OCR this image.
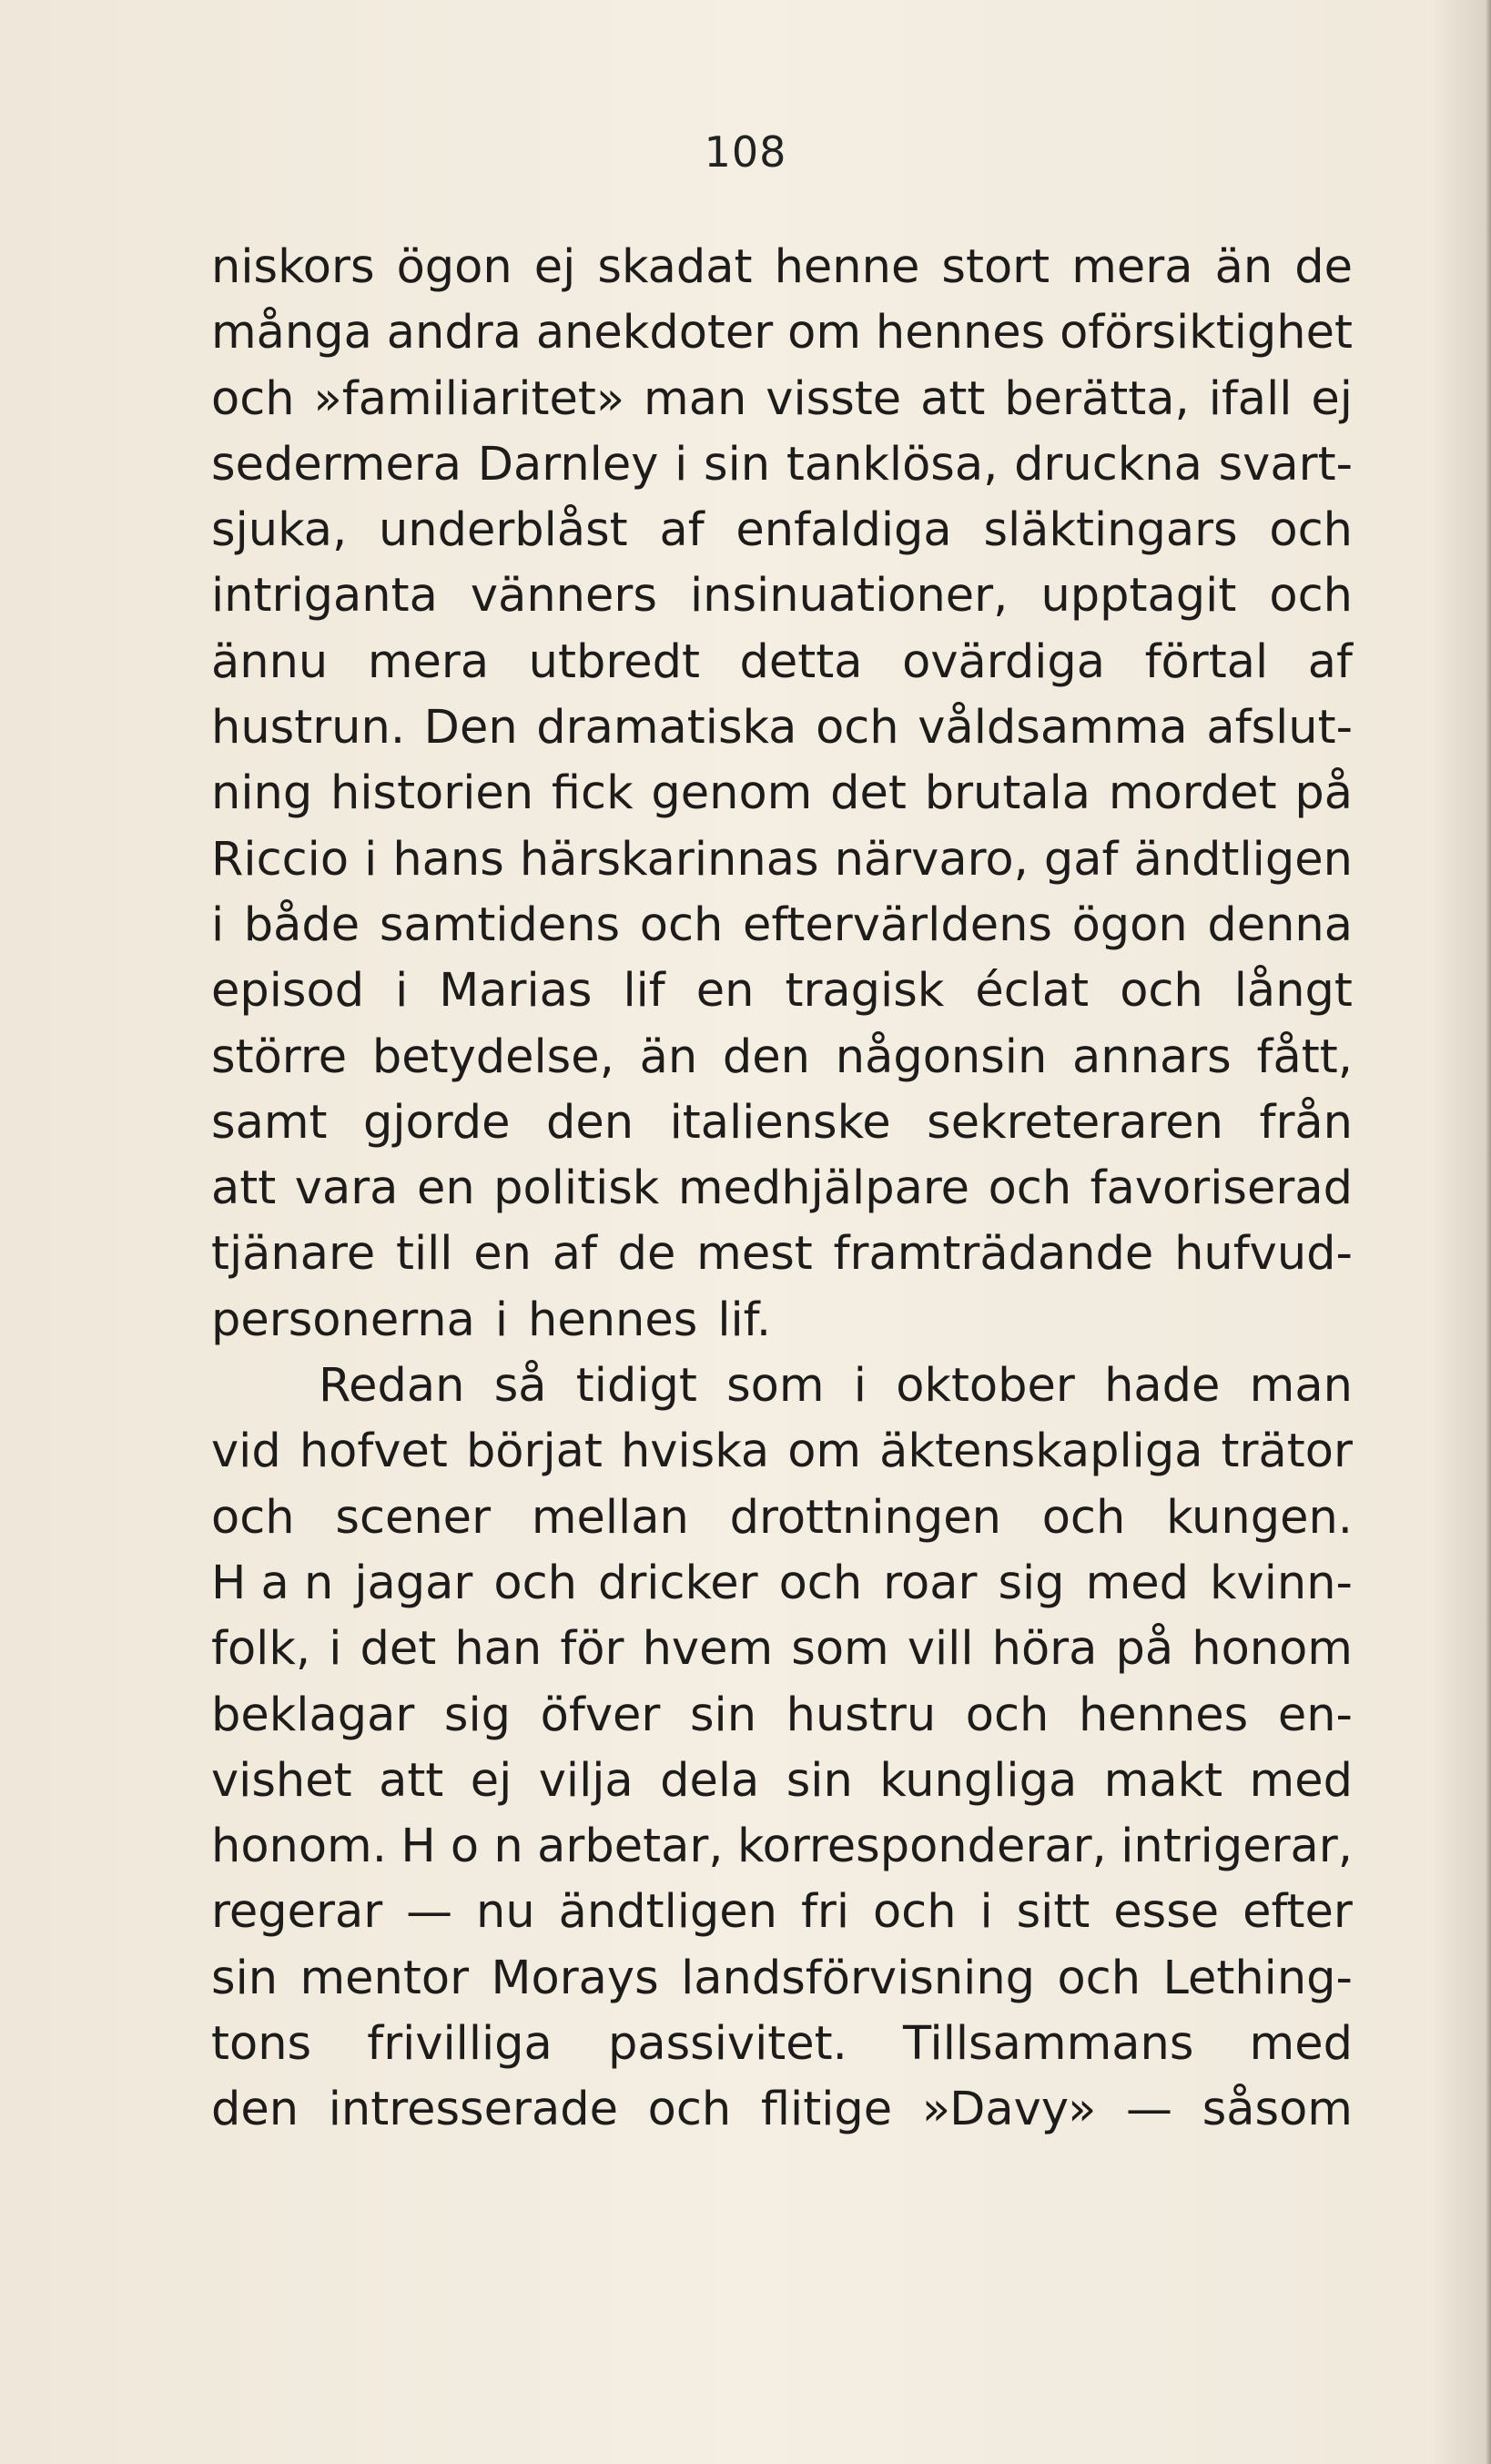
108
niskors ögon ej skadat henne stort mera än de
många andra anekdoter om hennes oförsiktighet
och »familiaritet» man visste att berätta, ifall ej
sedermera Darnley i sin tanklösa, druckna svart-
sjuka, underblåst af enfaldiga släktingars och
intriganta vänners insinuationer, upptagit och
ännu mera utbredt detta ovärdiga förtal af
hustrun. Den dramatiska och våldsamma afslut-
ning historien fick genom det brutala mordet på
Riccio i hans härskarinnas närvaro, gaf ändtligen
i både samtidens och eftervärldens ögon denna
episod i Marias lif en tragisk éclat och långt
större betydelse, än den någonsin annars fått,
samt gjorde den italienske sekreteraren från
att vara en politisk medhjälpare och favoriserad
tjänare till en af de mest framträdande hufvud-
personerna i hennes lif.
Redan så tidigt som i oktober hade man
vid hofvet börjat hviska om äktenskapliga trätor
och scener mellan drottningen och kungen.
H a n jagar och dricker och roar sig med kvinn-
folk, i det han för hvem som vill höra på honom
beklagar sig öfver sin hustru och hennes en-
vishet att ej vilja dela sin kungliga makt med
honom. H o n arbetar, korresponderar, intrigerar,
regerar — nu ändtligen fri och i sitt esse efter
sin mentor Morays landsförvisning och Lething-
tons frivilliga passivitet. Tillsammans med
den intresserade och flitige »Davy» — såsom
